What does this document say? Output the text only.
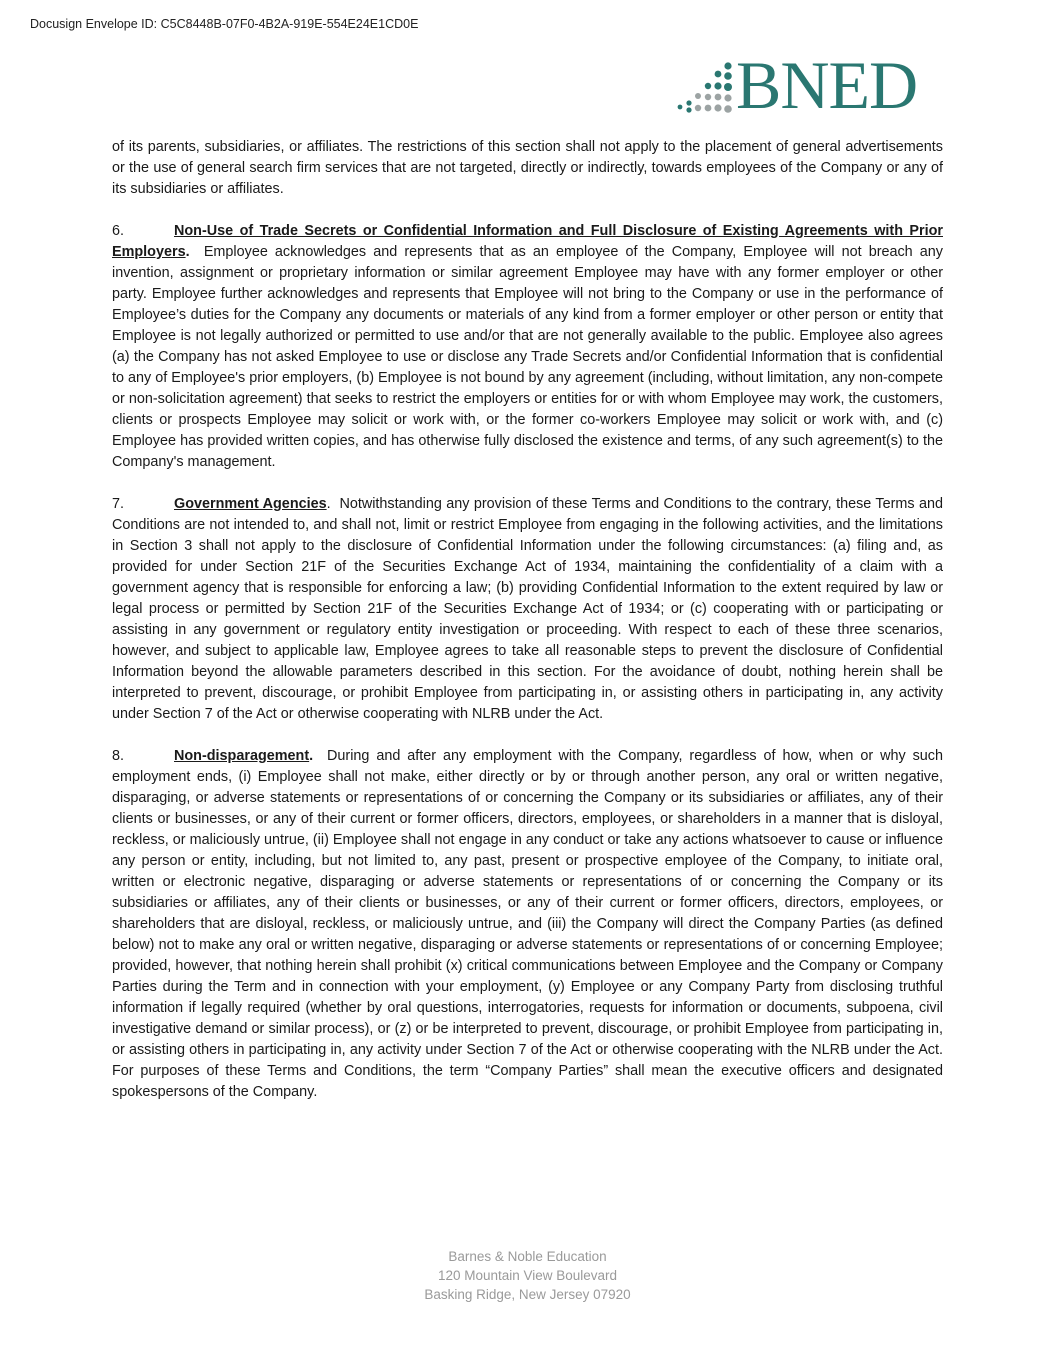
Docusign Envelope ID: C5C8448B-07F0-4B2A-919E-554E24E1CD0E
BNED

of its parents, subsidiaries, or affiliates. The restrictions of this section shall not apply to the placement of general advertisements or the use of general search firm services that are not targeted, directly or indirectly, towards employees of the Company or any of its subsidiaries or affiliates.

6.	Non-Use of Trade Secrets or Confidential Information and Full Disclosure of Existing Agreements with Prior Employers. Employee acknowledges and represents that as an employee of the Company, Employee will not breach any invention, assignment or proprietary information or similar agreement Employee may have with any former employer or other party. Employee further acknowledges and represents that Employee will not bring to the Company or use in the performance of Employee’s duties for the Company any documents or materials of any kind from a former employer or other person or entity that Employee is not legally authorized or permitted to use and/or that are not generally available to the public. Employee also agrees (a) the Company has not asked Employee to use or disclose any Trade Secrets and/or Confidential Information that is confidential to any of Employee's prior employers, (b) Employee is not bound by any agreement (including, without limitation, any non-compete or non-solicitation agreement) that seeks to restrict the employers or entities for or with whom Employee may work, the customers, clients or prospects Employee may solicit or work with, or the former co-workers Employee may solicit or work with, and (c) Employee has provided written copies, and has otherwise fully disclosed the existence and terms, of any such agreement(s) to the Company's management.

7.	Government Agencies. Notwithstanding any provision of these Terms and Conditions to the contrary, these Terms and Conditions are not intended to, and shall not, limit or restrict Employee from engaging in the following activities, and the limitations in Section 3 shall not apply to the disclosure of Confidential Information under the following circumstances: (a) filing and, as provided for under Section 21F of the Securities Exchange Act of 1934, maintaining the confidentiality of a claim with a government agency that is responsible for enforcing a law; (b) providing Confidential Information to the extent required by law or legal process or permitted by Section 21F of the Securities Exchange Act of 1934; or (c) cooperating with or participating or assisting in any government or regulatory entity investigation or proceeding. With respect to each of these three scenarios, however, and subject to applicable law, Employee agrees to take all reasonable steps to prevent the disclosure of Confidential Information beyond the allowable parameters described in this section. For the avoidance of doubt, nothing herein shall be interpreted to prevent, discourage, or prohibit Employee from participating in, or assisting others in participating in, any activity under Section 7 of the Act or otherwise cooperating with NLRB under the Act.

8.	Non-disparagement. During and after any employment with the Company, regardless of how, when or why such employment ends, (i) Employee shall not make, either directly or by or through another person, any oral or written negative, disparaging, or adverse statements or representations of or concerning the Company or its subsidiaries or affiliates, any of their clients or businesses, or any of their current or former officers, directors, employees, or shareholders in a manner that is disloyal, reckless, or maliciously untrue, (ii) Employee shall not engage in any conduct or take any actions whatsoever to cause or influence any person or entity, including, but not limited to, any past, present or prospective employee of the Company, to initiate oral, written or electronic negative, disparaging or adverse statements or representations of or concerning the Company or its subsidiaries or affiliates, any of their clients or businesses, or any of their current or former officers, directors, employees, or shareholders that are disloyal, reckless, or maliciously untrue, and (iii) the Company will direct the Company Parties (as defined below) not to make any oral or written negative, disparaging or adverse statements or representations of or concerning Employee; provided, however, that nothing herein shall prohibit (x) critical communications between Employee and the Company or Company Parties during the Term and in connection with your employment, (y) Employee or any Company Party from disclosing truthful information if legally required (whether by oral questions, interrogatories, requests for information or documents, subpoena, civil investigative demand or similar process), or (z) or be interpreted to prevent, discourage, or prohibit Employee from participating in, or assisting others in participating in, any activity under Section 7 of the Act or otherwise cooperating with the NLRB under the Act. For purposes of these Terms and Conditions, the term “Company Parties” shall mean the executive officers and designated spokespersons of the Company.

Barnes & Noble Education
120 Mountain View Boulevard
Basking Ridge, New Jersey 07920
